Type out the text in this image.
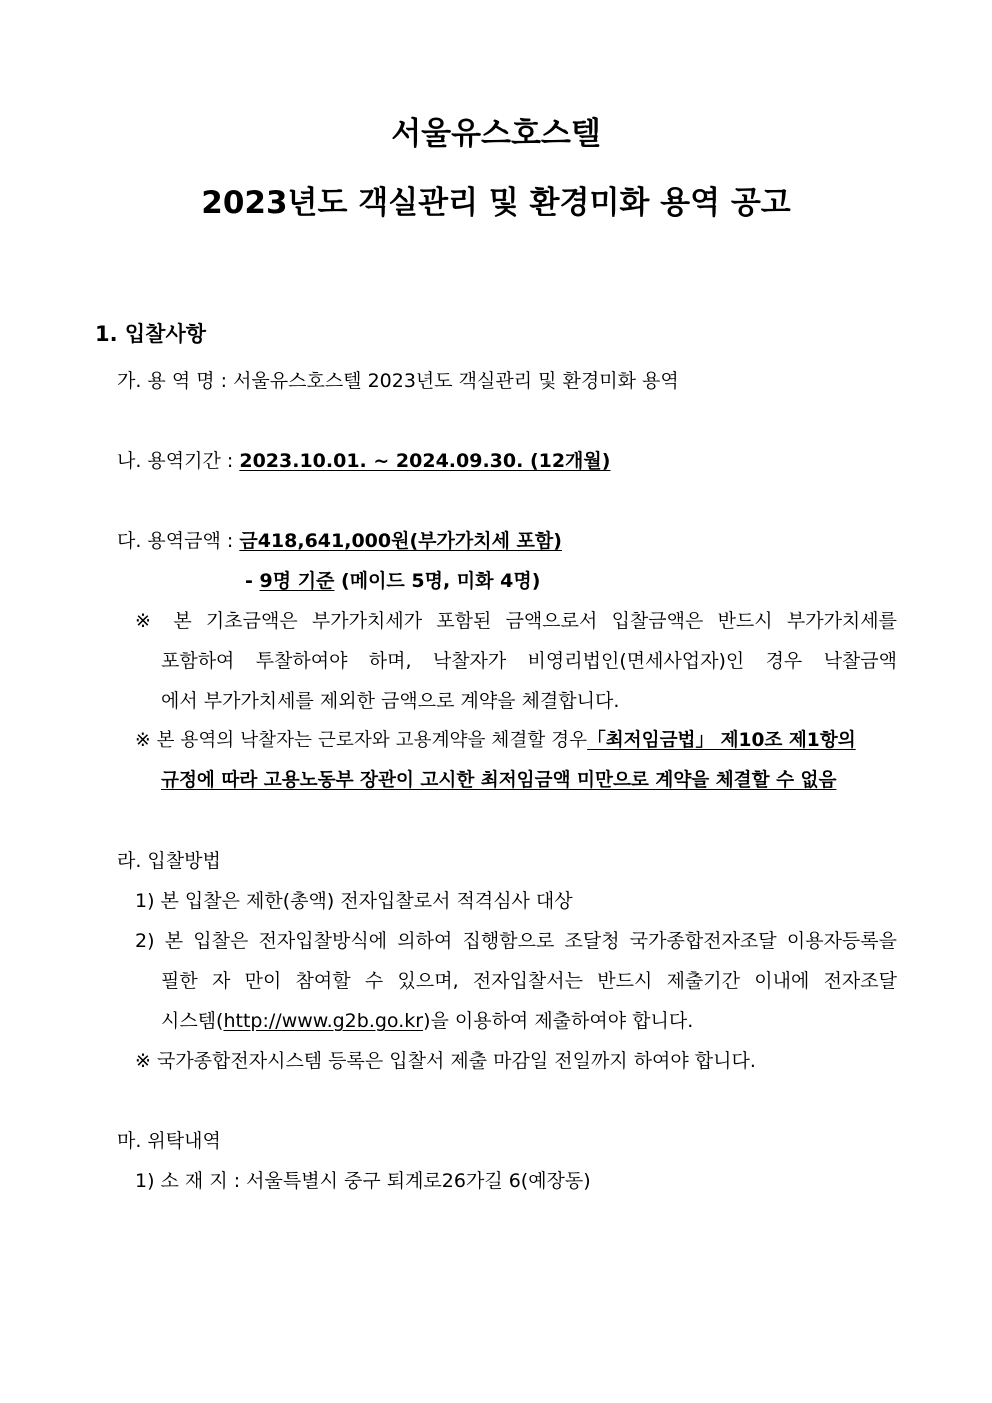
서울유스호스텔
2023년도 객실관리 및 환경미화 용역 공고
1. 입찰사항
가. 용 역 명 : 서울유스호스텔 2023년도 객실관리 및 환경미화 용역
나. 용역기간 : 2023.10.01. ~ 2024.09.30. (12개월)
다. 용역금액 : 금418,641,000원(부가가치세 포함)
- 9명 기준 (메이드 5명, 미화 4명)
※ 본 기초금액은 부가가치세가 포함된 금액으로서 입찰금액은 반드시 부가가치세를
포함하여 투찰하여야 하며, 낙찰자가 비영리법인(면세사업자)인 경우 낙찰금액
에서 부가가치세를 제외한 금액으로 계약을 체결합니다.
※ 본 용역의 낙찰자는 근로자와 고용계약을 체결할 경우「최저임금법」 제10조 제1항의
규정에 따라 고용노동부 장관이 고시한 최저임금액 미만으로 계약을 체결할 수 없음
라. 입찰방법
1) 본 입찰은 제한(총액) 전자입찰로서 적격심사 대상
2) 본 입찰은 전자입찰방식에 의하여 집행함으로 조달청 국가종합전자조달 이용자등록을
필한 자 만이 참여할 수 있으며, 전자입찰서는 반드시 제출기간 이내에 전자조달
시스템(http://www.g2b.go.kr)을 이용하여 제출하여야 합니다.
※ 국가종합전자시스템 등록은 입찰서 제출 마감일 전일까지 하여야 합니다.
마. 위탁내역
1) 소 재 지 : 서울특별시 중구 퇴계로26가길 6(예장동)
